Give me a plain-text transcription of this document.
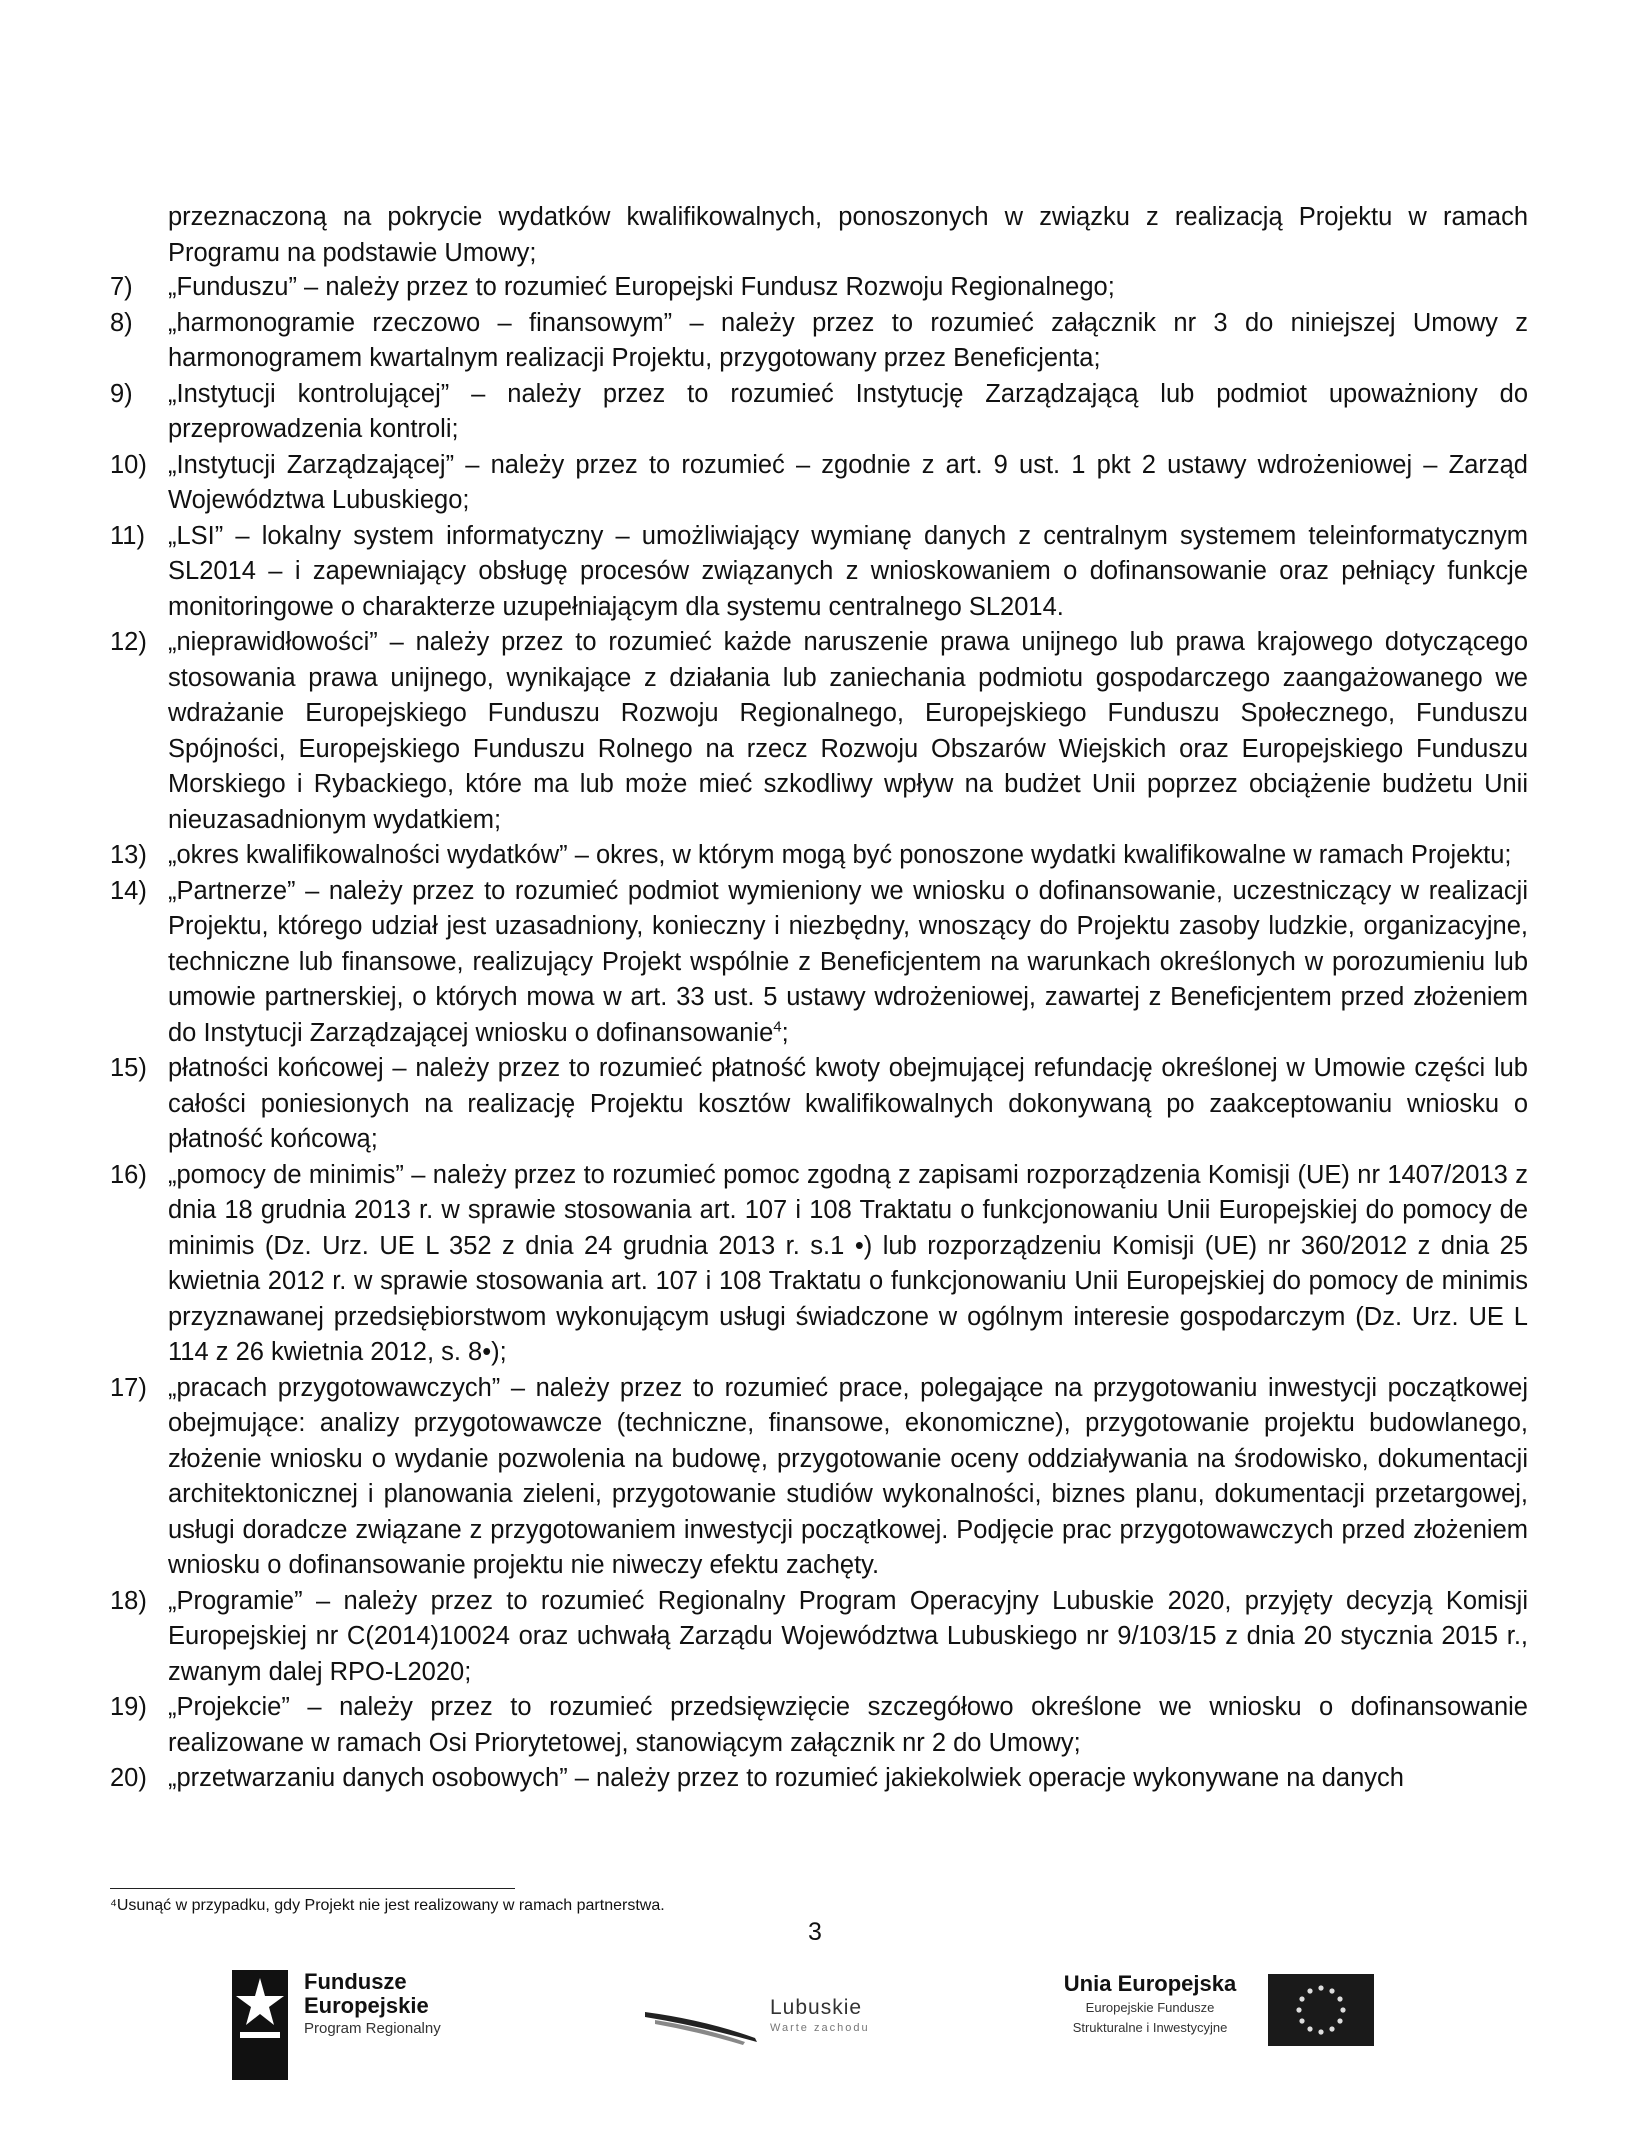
przeznaczoną na pokrycie wydatków kwalifikowalnych, ponoszonych w związku z realizacją Projektu w ramach Programu na podstawie Umowy;
7) „Funduszu” – należy przez to rozumieć Europejski Fundusz Rozwoju Regionalnego;
8) „harmonogramie rzeczowo – finansowym” – należy przez to rozumieć załącznik nr 3 do niniejszej Umowy z harmonogramem kwartalnym realizacji Projektu, przygotowany przez Beneficjenta;
9) „Instytucji kontrolującej” – należy przez to rozumieć Instytucję Zarządzającą lub podmiot upoważniony do przeprowadzenia kontroli;
10) „Instytucji Zarządzającej” – należy przez to rozumieć – zgodnie z art. 9 ust. 1 pkt 2 ustawy wdrożeniowej – Zarząd Województwa Lubuskiego;
11) „LSI” – lokalny system informatyczny – umożliwiający wymianę danych z centralnym systemem teleinformatycznym SL2014 – i zapewniający obsługę procesów związanych z wnioskowaniem o dofinansowanie oraz pełniący funkcje monitoringowe o charakterze uzupełniającym dla systemu centralnego SL2014.
12) „nieprawidłowości” – należy przez to rozumieć każde naruszenie prawa unijnego lub prawa krajowego dotyczącego stosowania prawa unijnego, wynikające z działania lub zaniechania podmiotu gospodarczego zaangażowanego we wdrażanie Europejskiego Funduszu Rozwoju Regionalnego, Europejskiego Funduszu Społecznego, Funduszu Spójności, Europejskiego Funduszu Rolnego na rzecz Rozwoju Obszarów Wiejskich oraz Europejskiego Funduszu Morskiego i Rybackiego, które ma lub może mieć szkodliwy wpływ na budżet Unii poprzez obciążenie budżetu Unii nieuzasadnionym wydatkiem;
13) „okres kwalifikowalności wydatków” – okres, w którym mogą być ponoszone wydatki kwalifikowalne w ramach Projektu;
14) „Partnerze” – należy przez to rozumieć podmiot wymieniony we wniosku o dofinansowanie, uczestniczący w realizacji Projektu, którego udział jest uzasadniony, konieczny i niezbędny, wnoszący do Projektu zasoby ludzkie, organizacyjne, techniczne lub finansowe, realizujący Projekt wspólnie z Beneficjentem na warunkach określonych w porozumieniu lub umowie partnerskiej, o których mowa w art. 33 ust. 5 ustawy wdrożeniowej, zawartej z Beneficjentem przed złożeniem do Instytucji Zarządzającej wniosku o dofinansowanie$^4$;
15) płatności końcowej – należy przez to rozumieć płatność kwoty obejmującej refundację określonej w Umowie części lub całości poniesionych na realizację Projektu kosztów kwalifikowalnych dokonywaną po zaakceptowaniu wniosku o płatność końcową;
16) „pomocy de minimis” – należy przez to rozumieć pomoc zgodną z zapisami rozporządzenia Komisji (UE) nr 1407/2013 z dnia 18 grudnia 2013 r. w sprawie stosowania art. 107 i 108 Traktatu o funkcjonowaniu Unii Europejskiej do pomocy de minimis (Dz. Urz. UE L 352 z dnia 24 grudnia 2013 r. s.1 •) lub rozporządzeniu Komisji (UE) nr 360/2012 z dnia 25 kwietnia 2012 r. w sprawie stosowania art. 107 i 108 Traktatu o funkcjonowaniu Unii Europejskiej do pomocy de minimis przyznawanej przedsiębiorstwom wykonującym usługi świadczone w ogólnym interesie gospodarczym (Dz. Urz. UE L 114 z 26 kwietnia 2012, s. 8•);
17) „pracach przygotowawczych” – należy przez to rozumieć prace, polegające na przygotowaniu inwestycji początkowej obejmujące: analizy przygotowawcze (techniczne, finansowe, ekonomiczne), przygotowanie projektu budowlanego, złożenie wniosku o wydanie pozwolenia na budowę, przygotowanie oceny oddziaływania na środowisko, dokumentacji architektonicznej i planowania zieleni, przygotowanie studiów wykonalności, biznes planu, dokumentacji przetargowej, usługi doradcze związane z przygotowaniem inwestycji początkowej. Podjęcie prac przygotowawczych przed złożeniem wniosku o dofinansowanie projektu nie niweczy efektu zachęty.
18) „Programie” – należy przez to rozumieć Regionalny Program Operacyjny Lubuskie 2020, przyjęty decyzją Komisji Europejskiej nr C(2014)10024 oraz uchwałą Zarządu Województwa Lubuskiego nr 9/103/15 z dnia 20 stycznia 2015 r., zwanym dalej RPO-L2020;
19) „Projekcie” – należy przez to rozumieć przedsięwzięcie szczegółowo określone we wniosku o dofinansowanie realizowane w ramach Osi Priorytetowej, stanowiącym załącznik nr 2 do Umowy;
20) „przetwarzaniu danych osobowych” – należy przez to rozumieć jakiekolwiek operacje wykonywane na danych
⁴Usunąć w przypadku, gdy Projekt nie jest realizowany w ramach partnerstwa.
3
Fundusze
Europejskie
Program Regionalny
Lubuskie
Warte zachodu
Unia Europejska
Europejskie Fundusze
Strukturalne i Inwestycyjne
